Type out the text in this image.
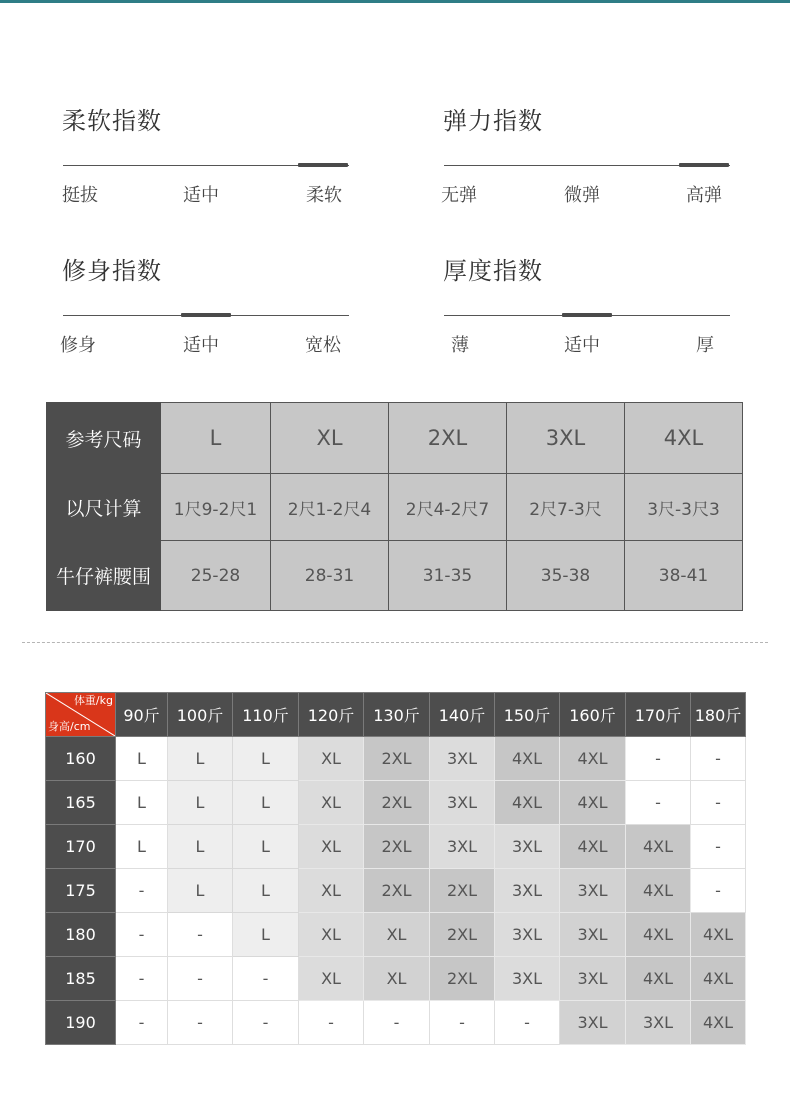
柔软指数
挺拔	适中	柔软
弹力指数
无弹	微弹	高弹
修身指数
修身	适中	宽松
厚度指数
薄	适中	厚
参考尺码	L	XL	2XL	3XL	4XL
以尺计算	1尺9-2尺1	2尺1-2尺4	2尺4-2尺7	2尺7-3尺	3尺-3尺3
牛仔裤腰围	25-28	28-31	31-35	35-38	38-41
体重/kg
身高/cm	90斤	100斤	110斤	120斤	130斤	140斤	150斤	160斤	170斤	180斤
160	L	L	L	XL	2XL	3XL	4XL	4XL	-	-
165	L	L	L	XL	2XL	3XL	4XL	4XL	-	-
170	L	L	L	XL	2XL	3XL	3XL	4XL	4XL	-
175	-	L	L	XL	2XL	2XL	3XL	3XL	4XL	-
180	-	-	L	XL	XL	2XL	3XL	3XL	4XL	4XL
185	-	-	-	XL	XL	2XL	3XL	3XL	4XL	4XL
190	-	-	-	-	-	-	-	3XL	3XL	4XL
